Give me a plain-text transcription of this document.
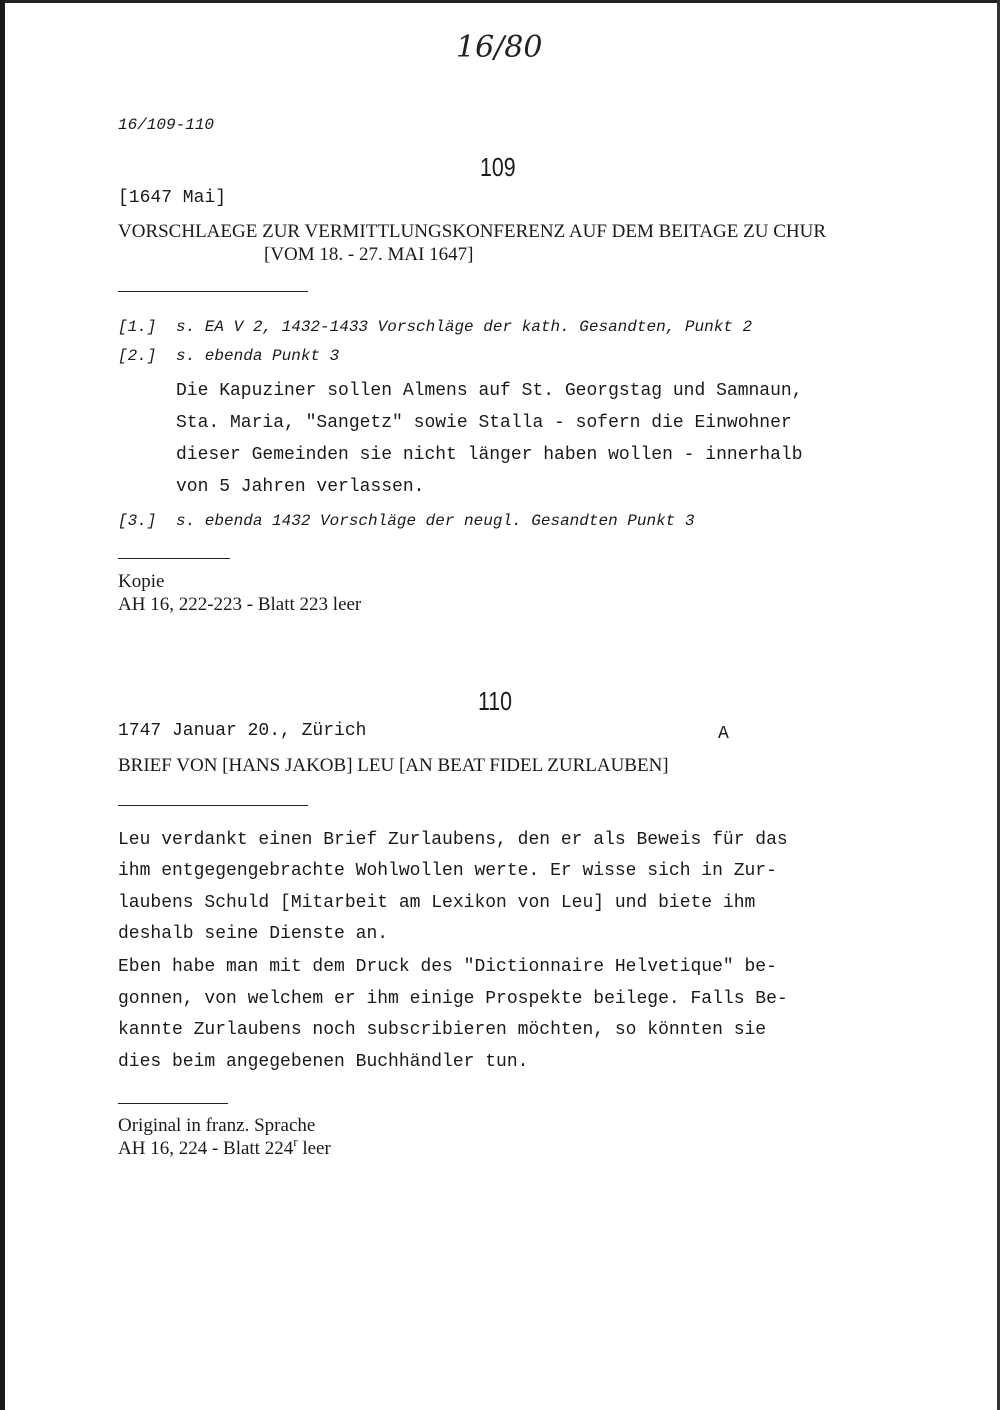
16/80
16/109-110
109
[1647 Mai]
VORSCHLAEGE ZUR VERMITTLUNGSKONFERENZ AUF DEM BEITAGE ZU CHUR
[VOM 18. - 27. MAI 1647]
[1.] s. EA V 2, 1432-1433 Vorschläge der kath. Gesandten, Punkt 2
[2.] s. ebenda Punkt 3
Die Kapuziner sollen Almens auf St. Georgstag und Samnaun,
Sta. Maria, "Sangetz" sowie Stalla - sofern die Einwohner
dieser Gemeinden sie nicht länger haben wollen - innerhalb
von 5 Jahren verlassen.
[3.] s. ebenda 1432 Vorschläge der neugl. Gesandten Punkt 3
Kopie
AH 16, 222-223 - Blatt 223 leer
110
1747 Januar 20., Zürich	A
BRIEF VON [HANS JAKOB] LEU [AN BEAT FIDEL ZURLAUBEN]
Leu verdankt einen Brief Zurlaubens, den er als Beweis für das
ihm entgegengebrachte Wohlwollen werte. Er wisse sich in Zur-
laubens Schuld [Mitarbeit am Lexikon von Leu] und biete ihm
deshalb seine Dienste an.
Eben habe man mit dem Druck des "Dictionnaire Helvetique" be-
gonnen, von welchem er ihm einige Prospekte beilege. Falls Be-
kannte Zurlaubens noch subscribieren möchten, so könnten sie
dies beim angegebenen Buchhändler tun.
Original in franz. Sprache
AH 16, 224 - Blatt 224$^r$ leer
